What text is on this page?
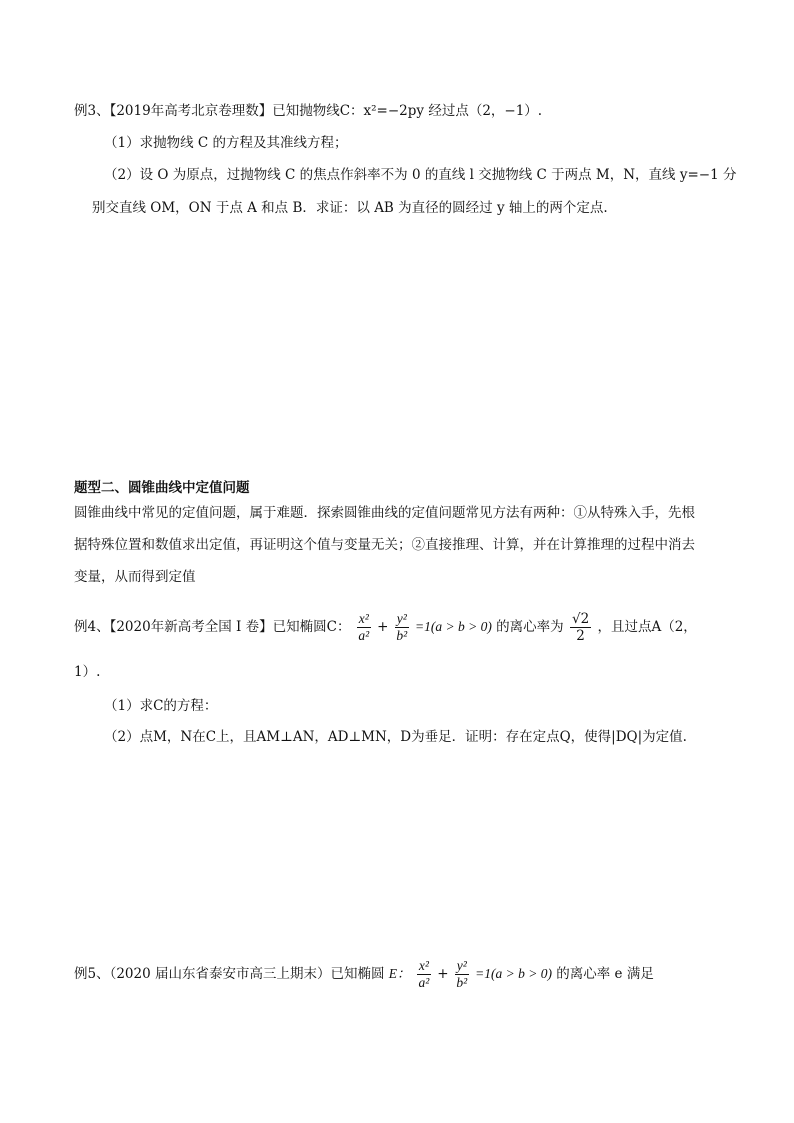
例3、【2019年高考北京卷理数】已知抛物线C：x²=−2py 经过点（2，−1）.
（1）求抛物线 C 的方程及其准线方程；
（2）设 O 为原点，过抛物线 C 的焦点作斜率不为 0 的直线 l 交抛物线 C 于两点 M，N，直线 y=−1 分
别交直线 OM，ON 于点 A 和点 B．求证：以 AB 为直径的圆经过 y 轴上的两个定点.
题型二、圆锥曲线中定值问题
圆锥曲线中常见的定值问题，属于难题．探索圆锥曲线的定值问题常见方法有两种：①从特殊入手，先根
据特殊位置和数值求出定值，再证明这个值与变量无关；②直接推理、计算，并在计算推理的过程中消去
变量，从而得到定值
例4、【2020年新高考全国 I 卷】已知椭圆C： $\frac{\text{x²}}{\text{a²}} + \frac{\text{y²}}{\text{b²}} =1(a > b > 0)$ 的离心率为 $\frac{√2}{2}$ ，且过点A（2，
1）.
（1）求C的方程：
（2）点M，N在C上，且AM⊥AN，AD⊥MN，D为垂足．证明：存在定点Q，使得|DQ|为定值.
例5、（2020 届山东省泰安市高三上期末）已知椭圆 E： $\frac{\text{x²}}{\text{a²}} + \frac{\text{y²}}{\text{b²}} =1(a > b > 0)$ 的离心率 e 满足
